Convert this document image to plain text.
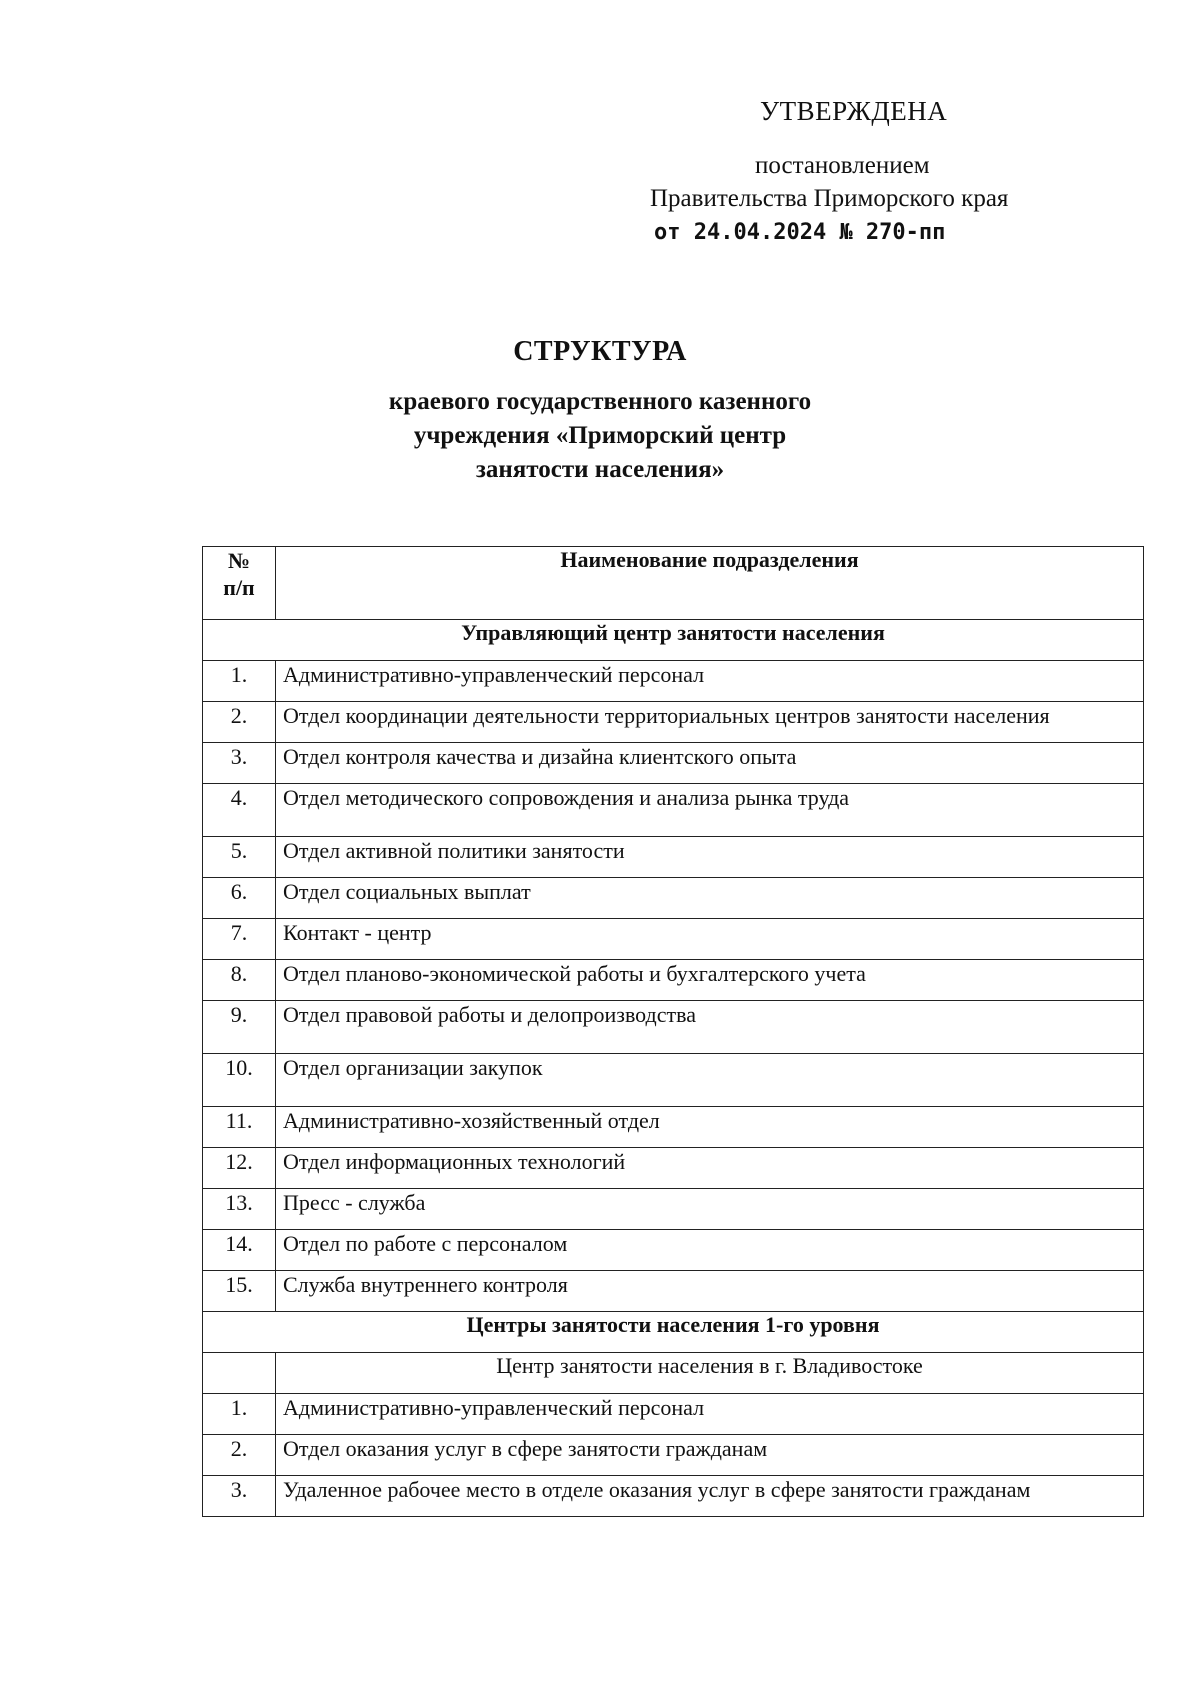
УТВЕРЖДЕНА
постановлением
Правительства Приморского края
от 24.04.2024 № 270-пп
СТРУКТУРА
краевого государственного казенного
учреждения «Приморский центр
занятости населения»
№
п/п	Наименование подразделения
Управляющий центр занятости населения	
1.	Административно-управленческий персонал
2.	Отдел координации деятельности территориальных центров занятости населения
3.	Отдел контроля качества и дизайна клиентского опыта
4.	Отдел методического сопровождения и анализа рынка труда
5.	Отдел активной политики занятости
6.	Отдел социальных выплат
7.	Контакт - центр
8.	Отдел планово-экономической работы и бухгалтерского учета
9.	Отдел правовой работы и делопроизводства
10.	Отдел организации закупок
11.	Административно-хозяйственный отдел
12.	Отдел информационных технологий
13.	Пресс - служба
14.	Отдел по работе с персоналом
15.	Служба внутреннего контроля
Центры занятости населения 1-го уровня	
	Центр занятости населения в г. Владивостоке
1.	Административно-управленческий персонал
2.	Отдел оказания услуг в сфере занятости гражданам
3.	Удаленное рабочее место в отделе оказания услуг в сфере занятости гражданам
